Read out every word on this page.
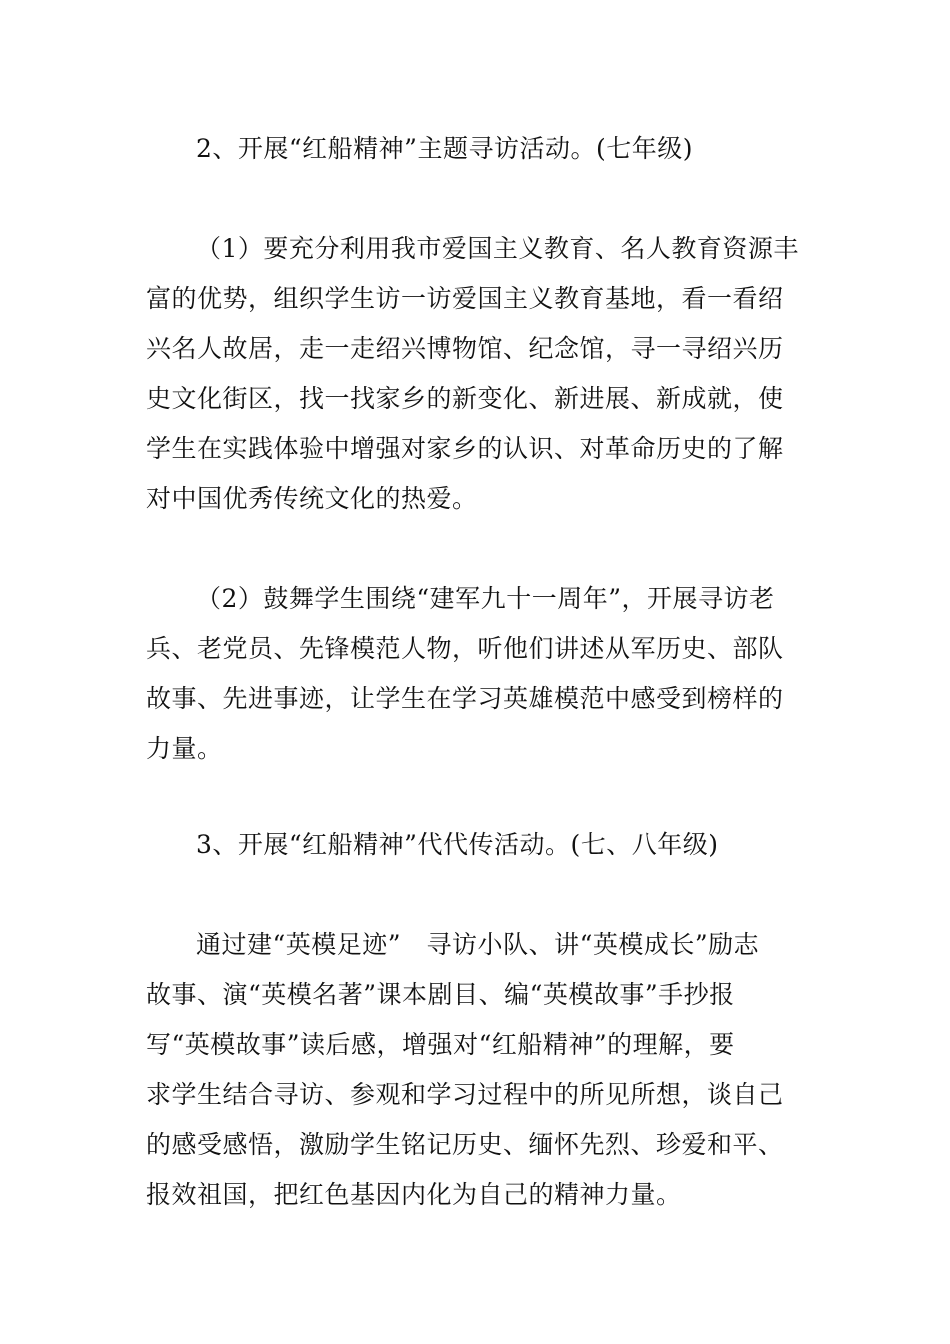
2、开展“红船精神”主题寻访活动。(七年级)

（1）要充分利用我市爱国主义教育、名人教育资源丰
富的优势，组织学生访一访爱国主义教育基地，看一看绍
兴名人故居，走一走绍兴博物馆、纪念馆，寻一寻绍兴历
史文化街区，找一找家乡的新变化、新进展、新成就，使
学生在实践体验中增强对家乡的认识、对革命历史的了解
对中国优秀传统文化的热爱。
（2）鼓舞学生围绕“建军九十一周年”，开展寻访老
兵、老党员、先锋模范人物，听他们讲述从军历史、部队
故事、先进事迹，让学生在学习英雄模范中感受到榜样的
力量。

3、开展“红船精神”代代传活动。(七、八年级)

通过建“英模足迹”　寻访小队、讲“英模成长”励志
故事、演“英模名著”课本剧目、编“英模故事”手抄报
写“英模故事”读后感，增强对“红船精神”的理解，要
求学生结合寻访、参观和学习过程中的所见所想，谈自己
的感受感悟，激励学生铭记历史、缅怀先烈、珍爱和平、
报效祖国，把红色基因内化为自己的精神力量。
